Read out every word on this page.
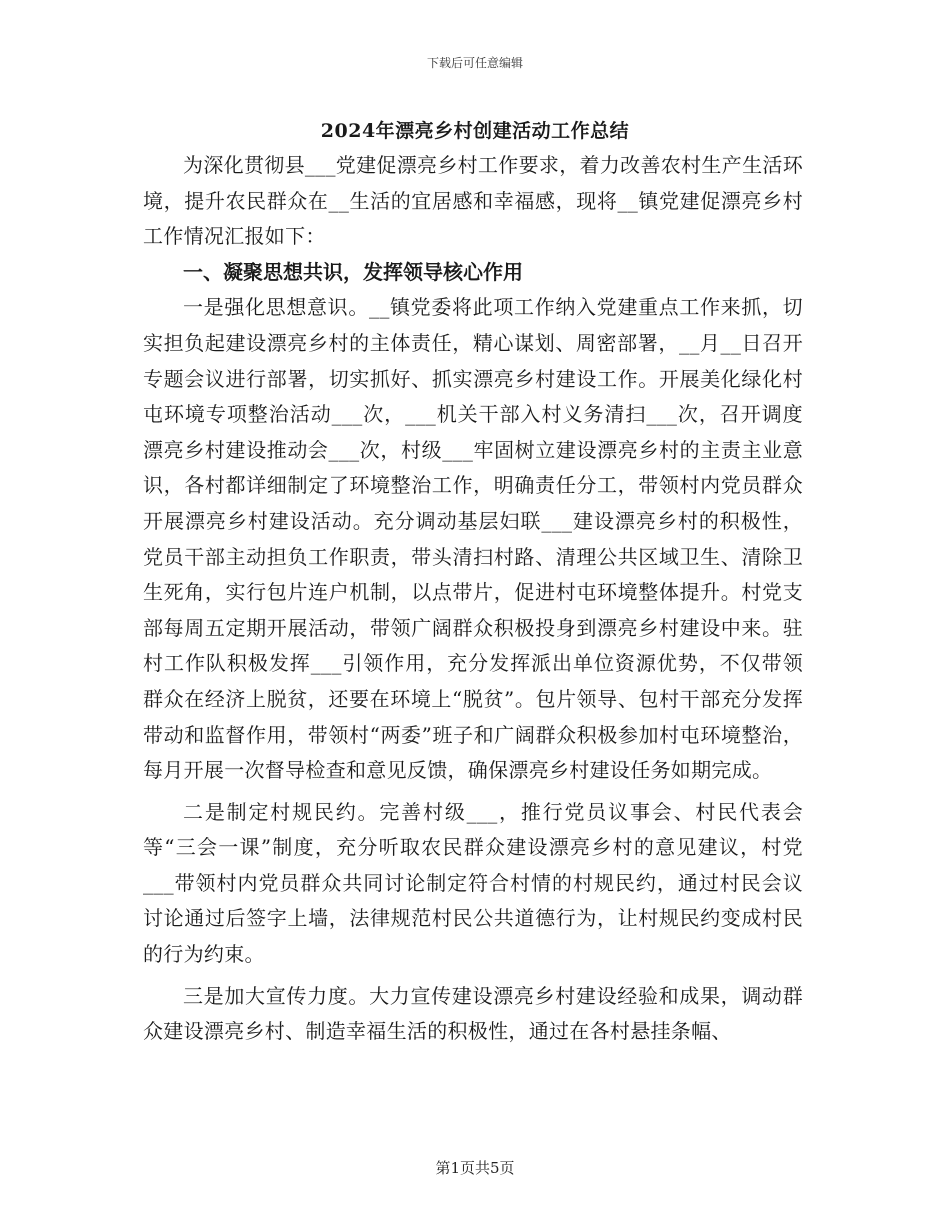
下载后可任意编辑
2024年漂亮乡村创建活动工作总结

为深化贯彻县___党建促漂亮乡村工作要求，着力改善农村生产生活环境，提升农民群众在__生活的宜居感和幸福感，现将__镇党建促漂亮乡村工作情况汇报如下：

一、凝聚思想共识，发挥领导核心作用

一是强化思想意识。__镇党委将此项工作纳入党建重点工作来抓，切实担负起建设漂亮乡村的主体责任，精心谋划、周密部署，__月__日召开专题会议进行部署，切实抓好、抓实漂亮乡村建设工作。开展美化绿化村屯环境专项整治活动___次，___机关干部入村义务清扫___次，召开调度漂亮乡村建设推动会___次，村级___牢固树立建设漂亮乡村的主责主业意识，各村都详细制定了环境整治工作，明确责任分工，带领村内党员群众开展漂亮乡村建设活动。充分调动基层妇联___建设漂亮乡村的积极性，党员干部主动担负工作职责，带头清扫村路、清理公共区域卫生、清除卫生死角，实行包片连户机制，以点带片，促进村屯环境整体提升。村党支部每周五定期开展活动，带领广阔群众积极投身到漂亮乡村建设中来。驻村工作队积极发挥___引领作用，充分发挥派出单位资源优势，不仅带领群众在经济上脱贫，还要在环境上“脱贫”。包片领导、包村干部充分发挥带动和监督作用，带领村“两委”班子和广阔群众积极参加村屯环境整治，每月开展一次督导检查和意见反馈，确保漂亮乡村建设任务如期完成。

二是制定村规民约。完善村级___，推行党员议事会、村民代表会等“三会一课”制度，充分听取农民群众建设漂亮乡村的意见建议，村党___带领村内党员群众共同讨论制定符合村情的村规民约，通过村民会议讨论通过后签字上墙，法律规范村民公共道德行为，让村规民约变成村民的行为约束。

三是加大宣传力度。大力宣传建设漂亮乡村建设经验和成果，调动群众建设漂亮乡村、制造幸福生活的积极性，通过在各村悬挂条幅、

第1页共5页
